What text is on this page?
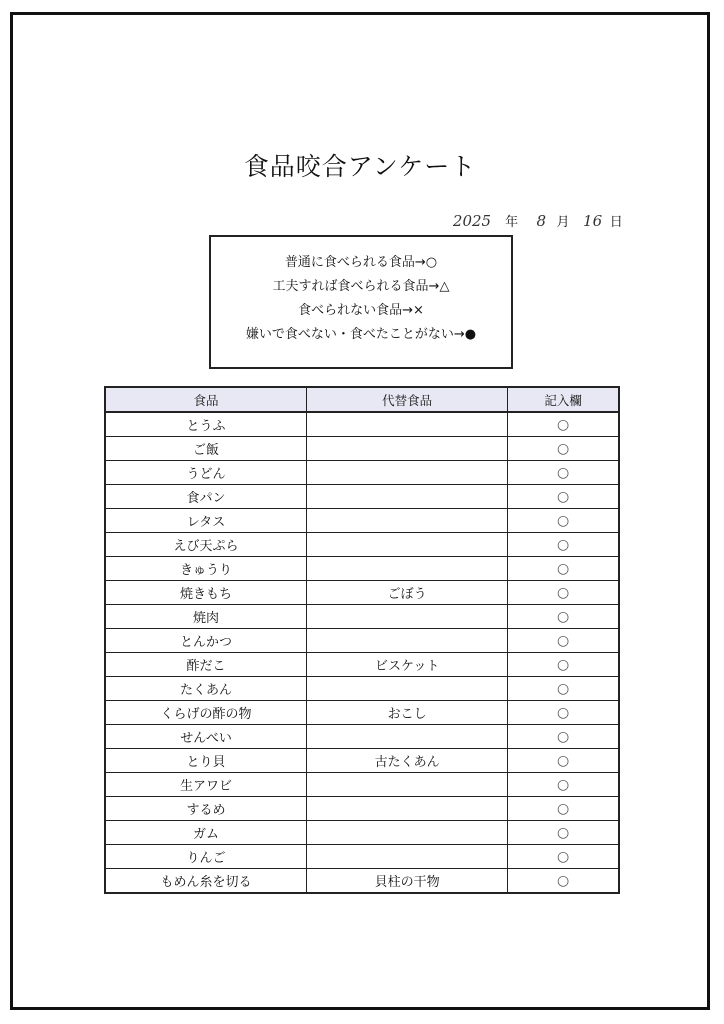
食品咬合アンケート
2025 年 8 月 16 日
普通に食べられる食品→○
工夫すれば食べられる食品→△
食べられない食品→×
嫌いで食べない・食べたことがない→●
食品	代替食品	記入欄
とうふ		○
ご飯		○
うどん		○
食パン		○
レタス		○
えび天ぷら		○
きゅうり		○
焼きもち	ごぼう	○
焼肉		○
とんかつ		○
酢だこ	ビスケット	○
たくあん		○
くらげの酢の物	おこし	○
せんべい		○
とり貝	古たくあん	○
生アワビ		○
するめ		○
ガム		○
りんご		○
もめん糸を切る	貝柱の干物	○
